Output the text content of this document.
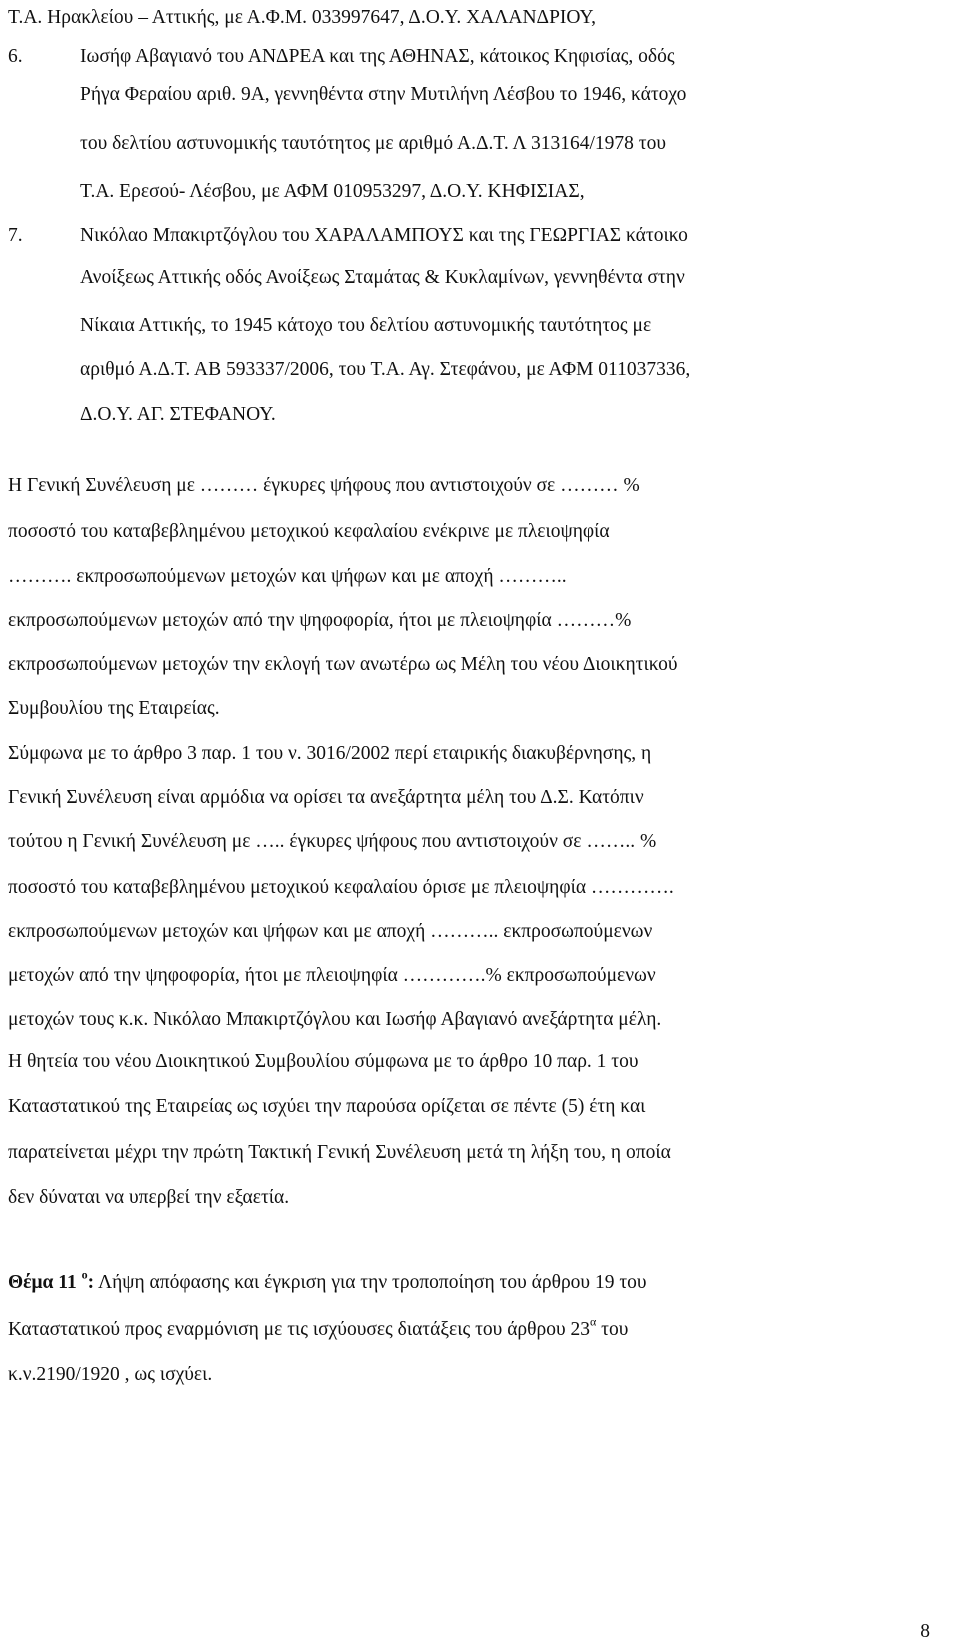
Τ.Α. Ηρακλείου – Αττικής, με Α.Φ.Μ. 033997647, Δ.Ο.Υ. ΧΑΛΑΝΔΡΙΟΥ,
6.	Ιωσήφ Αβαγιανό του ΑΝΔΡΕΑ και της ΑΘΗΝΑΣ, κάτοικος Κηφισίας, οδός
Ρήγα Φεραίου αριθ. 9Α, γεννηθέντα στην Μυτιλήνη Λέσβου το 1946, κάτοχο
του δελτίου αστυνομικής ταυτότητος με αριθμό Α.Δ.Τ. Λ 313164/1978 του
Τ.Α. Ερεσού- Λέσβου, με ΑΦΜ 010953297, Δ.Ο.Υ. ΚΗΦΙΣΙΑΣ,
7.	Νικόλαο Μπακιρτζόγλου του ΧΑΡΑΛΑΜΠΟΥΣ και της ΓΕΩΡΓΙΑΣ κάτοικο
Ανοίξεως Αττικής οδός Ανοίξεως Σταμάτας & Κυκλαμίνων, γεννηθέντα στην
Νίκαια Αττικής, το 1945 κάτοχο του δελτίου αστυνομικής ταυτότητος με
αριθμό Α.Δ.Τ. ΑΒ 593337/2006, του Τ.Α. Αγ. Στεφάνου, με ΑΦΜ 011037336,
Δ.Ο.Υ. ΑΓ. ΣΤΕΦΑΝΟΥ.
Η Γενική Συνέλευση με ……… έγκυρες ψήφους που αντιστοιχούν σε ……… %
ποσοστό του καταβεβλημένου μετοχικού κεφαλαίου ενέκρινε με πλειοψηφία
………. εκπροσωπούμενων μετοχών και ψήφων και με αποχή ………..
εκπροσωπούμενων μετοχών από την ψηφοφορία, ήτοι με πλειοψηφία ………%
εκπροσωπούμενων μετοχών την εκλογή των ανωτέρω ως Μέλη του νέου Διοικητικού
Συμβουλίου της Εταιρείας.
Σύμφωνα με το άρθρο 3 παρ. 1 του ν. 3016/2002 περί εταιρικής διακυβέρνησης, η
Γενική Συνέλευση είναι αρμόδια να ορίσει τα ανεξάρτητα μέλη του Δ.Σ. Κατόπιν
τούτου η Γενική Συνέλευση με ….. έγκυρες ψήφους που αντιστοιχούν σε …….. %
ποσοστό του καταβεβλημένου μετοχικού κεφαλαίου όρισε με πλειοψηφία ………….
εκπροσωπούμενων μετοχών και ψήφων και με αποχή ……….. εκπροσωπούμενων
μετοχών από την ψηφοφορία, ήτοι με πλειοψηφία ………….% εκπροσωπούμενων
μετοχών τους κ.κ. Νικόλαο Μπακιρτζόγλου και Ιωσήφ Αβαγιανό ανεξάρτητα μέλη.
Η θητεία του νέου Διοικητικού Συμβουλίου σύμφωνα με το άρθρο 10 παρ. 1 του
Καταστατικού της Εταιρείας ως ισχύει την παρούσα ορίζεται σε πέντε (5) έτη και
παρατείνεται μέχρι την πρώτη Τακτική Γενική Συνέλευση μετά τη λήξη του, η οποία
δεν δύναται να υπερβεί την εξαετία.
Θέμα 11 $^o$: Λήψη απόφασης και έγκριση για την τροποποίηση του άρθρου 19 του
Καταστατικού προς εναρμόνιση με τις ισχύουσες διατάξεις του άρθρου $23^\alpha$ του
κ.ν.2190/1920 , ως ισχύει.
8
